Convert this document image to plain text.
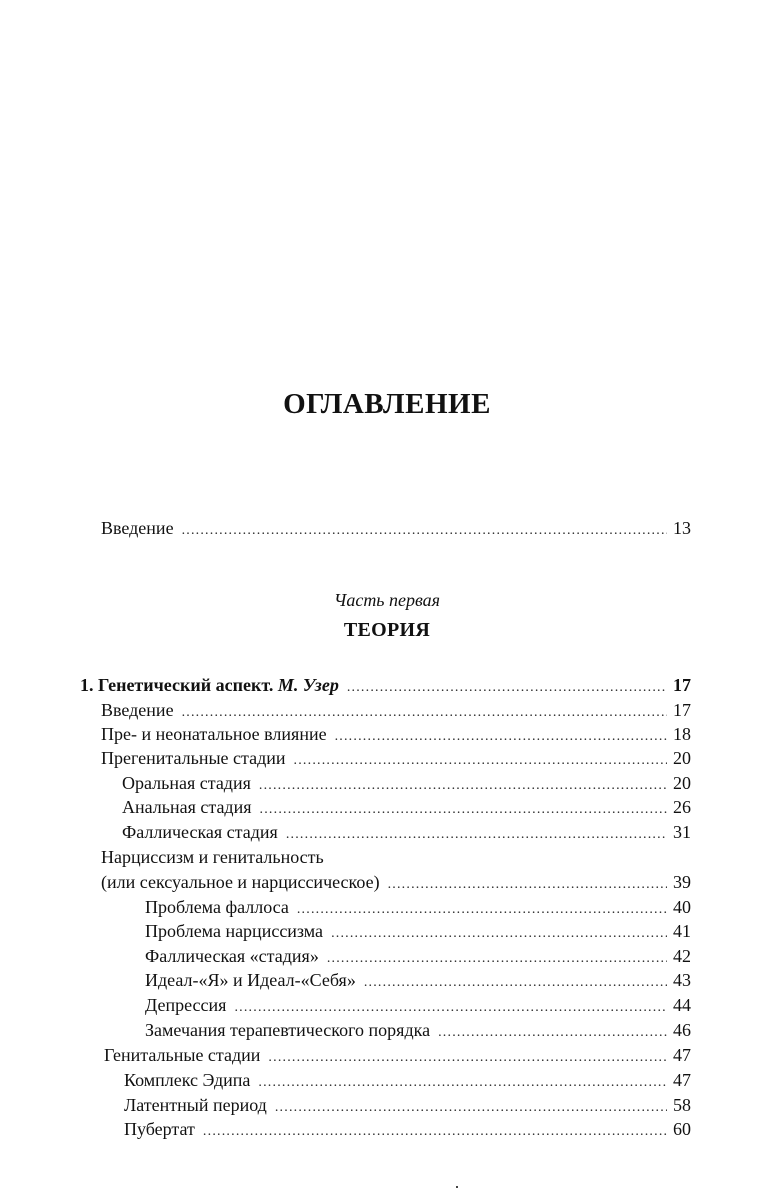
ОГЛАВЛЕНИЕ
Введение .....	13
Часть первая
ТЕОРИЯ
1. Генетический аспект. М. Узер .....	17
Введение .....	17
Пре- и неонатальное влияние .....	18
Прегенитальные стадии .....	20
Оральная стадия .....	20
Анальная стадия .....	26
Фаллическая стадия .....	31
Нарциссизм и генитальность
(или сексуальное и нарциссическое) .....	39
Проблема фаллоса .....	40
Проблема нарциссизма .....	41
Фаллическая «стадия» .....	42
Идеал-«Я» и Идеал-«Себя» .....	43
Депрессия .....	44
Замечания терапевтического порядка .....	46
Генитальные стадии .....	47
Комплекс Эдипа .....	47
Латентный период .....	58
Пубертат .....	60
